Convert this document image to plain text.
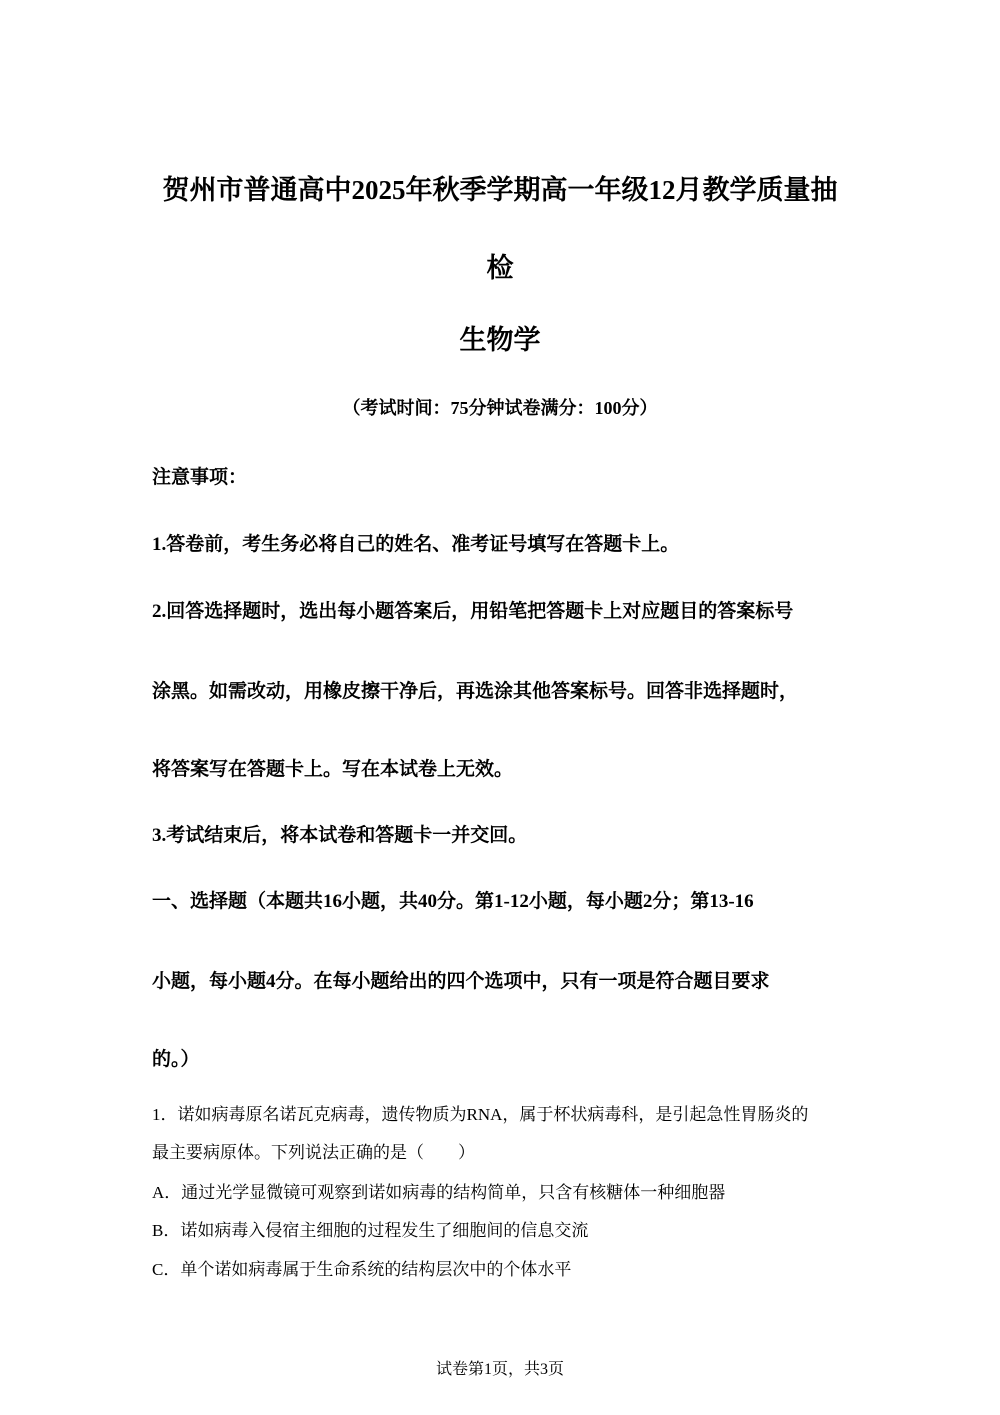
贺州市普通高中2025年秋季学期高一年级12月教学质量抽
检
生物学
（考试时间：75分钟试卷满分：100分）
注意事项：
1.答卷前，考生务必将自己的姓名、准考证号填写在答题卡上。
2.回答选择题时，选出每小题答案后，用铅笔把答题卡上对应题目的答案标号
涂黑。如需改动，用橡皮擦干净后，再选涂其他答案标号。回答非选择题时，
将答案写在答题卡上。写在本试卷上无效。
3.考试结束后，将本试卷和答题卡一并交回。
一、选择题（本题共16小题，共40分。第1-12小题，每小题2分；第13-16
小题，每小题4分。在每小题给出的四个选项中，只有一项是符合题目要求
的。）
1．诺如病毒原名诺瓦克病毒，遗传物质为RNA，属于杯状病毒科，是引起急性胃肠炎的
最主要病原体。下列说法正确的是（　　）
A．通过光学显微镜可观察到诺如病毒的结构简单，只含有核糖体一种细胞器
B．诺如病毒入侵宿主细胞的过程发生了细胞间的信息交流
C．单个诺如病毒属于生命系统的结构层次中的个体水平
试卷第1页，共3页
